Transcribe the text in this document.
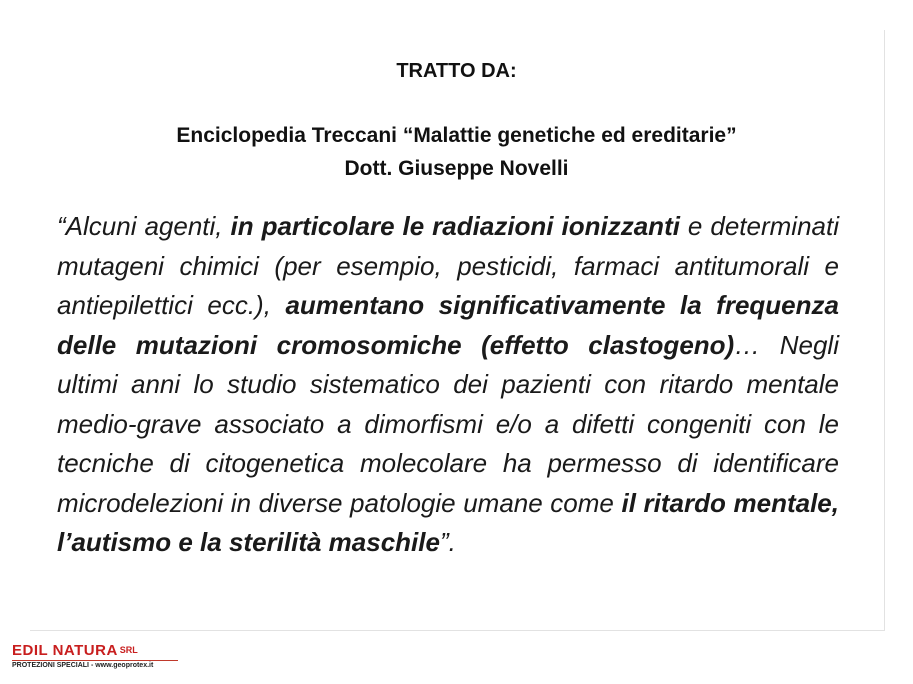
TRATTO DA:
Enciclopedia Treccani “Malattie genetiche ed ereditarie”
Dott. Giuseppe Novelli

“Alcuni agenti, in particolare le radiazioni ionizzanti e determinati mutageni chimici (per esempio, pesticidi, farmaci antitumorali e antiepilettici ecc.), aumentano significativamente la frequenza delle mutazioni cromosomiche (effetto clastogeno)… Negli ultimi anni lo studio sistematico dei pazienti con ritardo mentale medio-grave associato a dimorfismi e/o a difetti congeniti con le tecniche di citogenetica molecolare ha permesso di identificare microdelezioni in diverse patologie umane come il ritardo mentale, l’autismo e la sterilità maschile”.

EDIL NATURA SRL
PROTEZIONI SPECIALI - www.geoprotex.it
